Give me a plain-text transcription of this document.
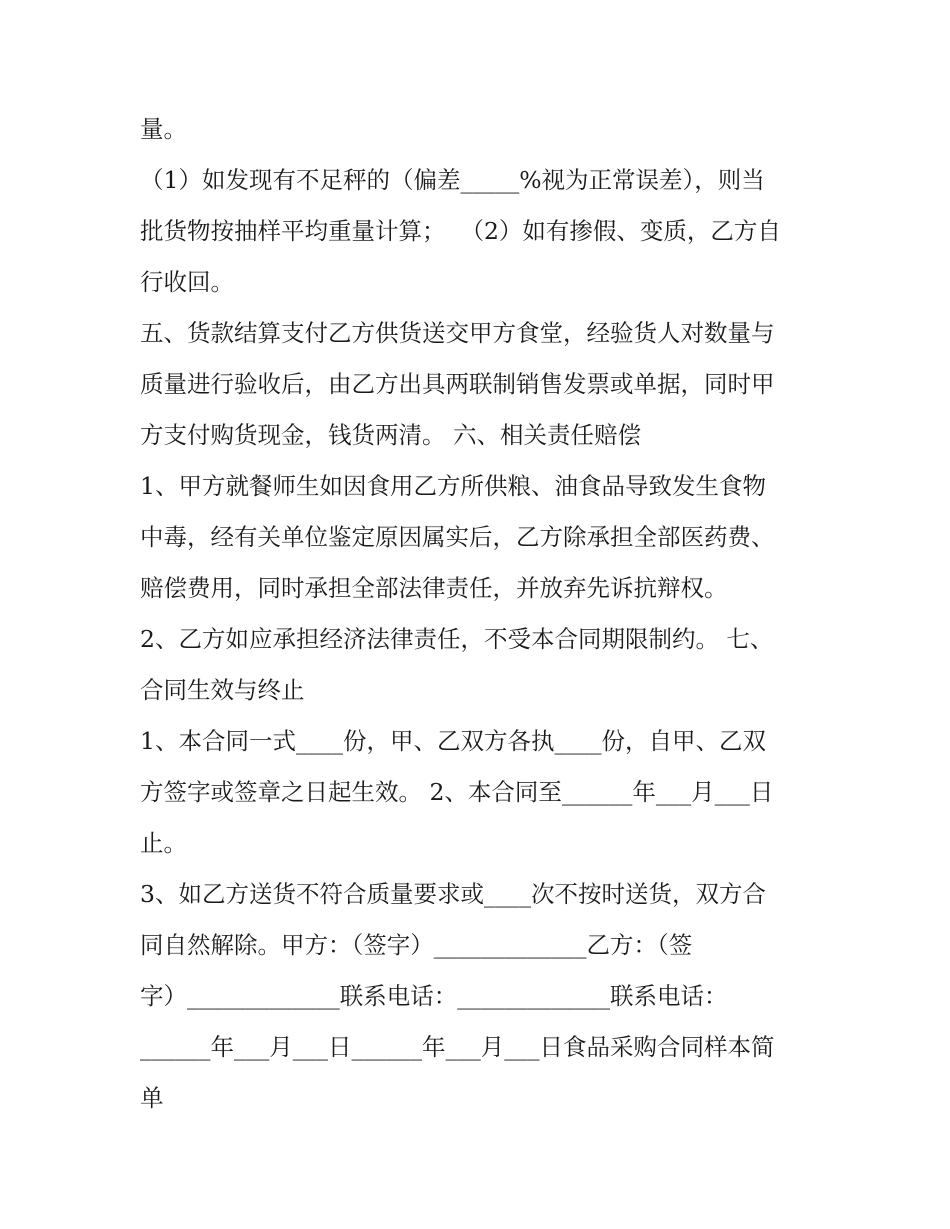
量。
（1）如发现有不足秤的（偏差_____%视为正常误差），则当
批货物按抽样平均重量计算；  （2）如有掺假、变质，乙方自
行收回。
五、货款结算支付乙方供货送交甲方食堂，经验货人对数量与
质量进行验收后，由乙方出具两联制销售发票或单据，同时甲
方支付购货现金，钱货两清。 六、相关责任赔偿
1、甲方就餐师生如因食用乙方所供粮、油食品导致发生食物
中毒，经有关单位鉴定原因属实后，乙方除承担全部医药费、
赔偿费用，同时承担全部法律责任，并放弃先诉抗辩权。
2、乙方如应承担经济法律责任，不受本合同期限制约。 七、
合同生效与终止
1、本合同一式____份，甲、乙双方各执____份，自甲、乙双
方签字或签章之日起生效。 2、本合同至______年___月___日
止。
3、如乙方送货不符合质量要求或____次不按时送货，双方合
同自然解除。甲方：（签字）_____________乙方：（签
字）_____________联系电话：_____________联系电话：
______年___月___日______年___月___日食品采购合同样本简
单
